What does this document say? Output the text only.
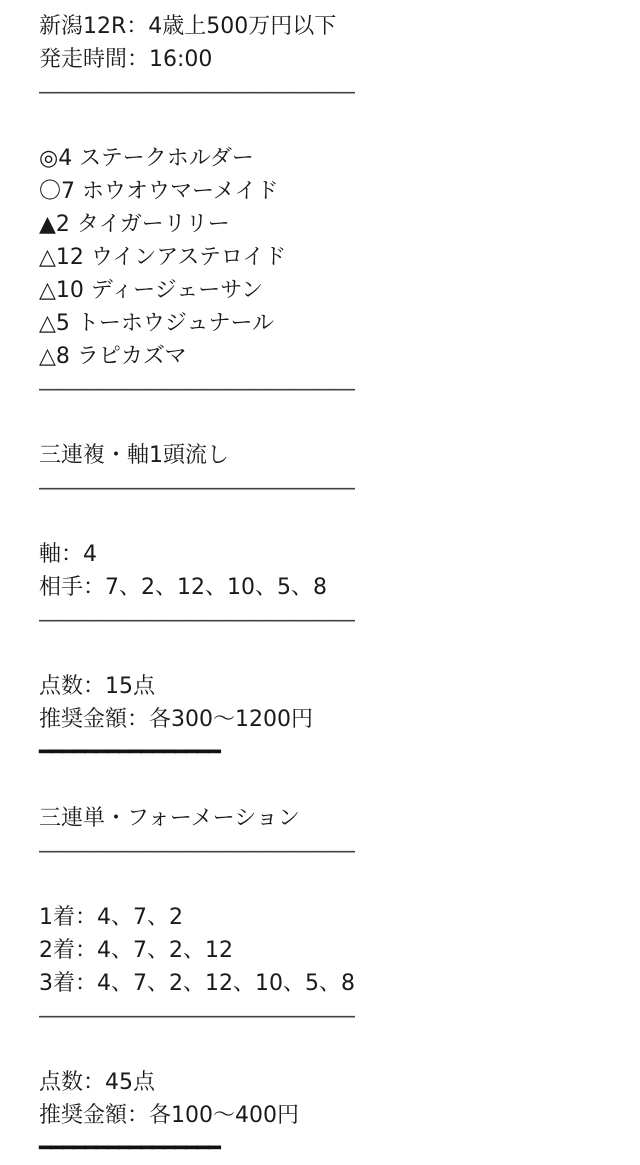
新潟12R：4歳上500万円以下
発走時間：16:00
―――――――――――――――
◎4 ステークホルダー
〇7 ホウオウマーメイド
▲2 タイガーリリー
△12 ウインアステロイド
△10 ディージェーサン
△5 トーホウジュナール
△8 ラピカズマ
―――――――――――――――
三連複・軸1頭流し
―――――――――――――――
軸：4
相手：7、2、12、10、5、8
―――――――――――――――
点数：15点
推奨金額：各300〜1200円
━━━━━━━━━━━━━━━━
三連単・フォーメーション
―――――――――――――――
1着：4、7、2
2着：4、7、2、12
3着：4、7、2、12、10、5、8
―――――――――――――――
点数：45点
推奨金額：各100〜400円
━━━━━━━━━━━━━━━━
